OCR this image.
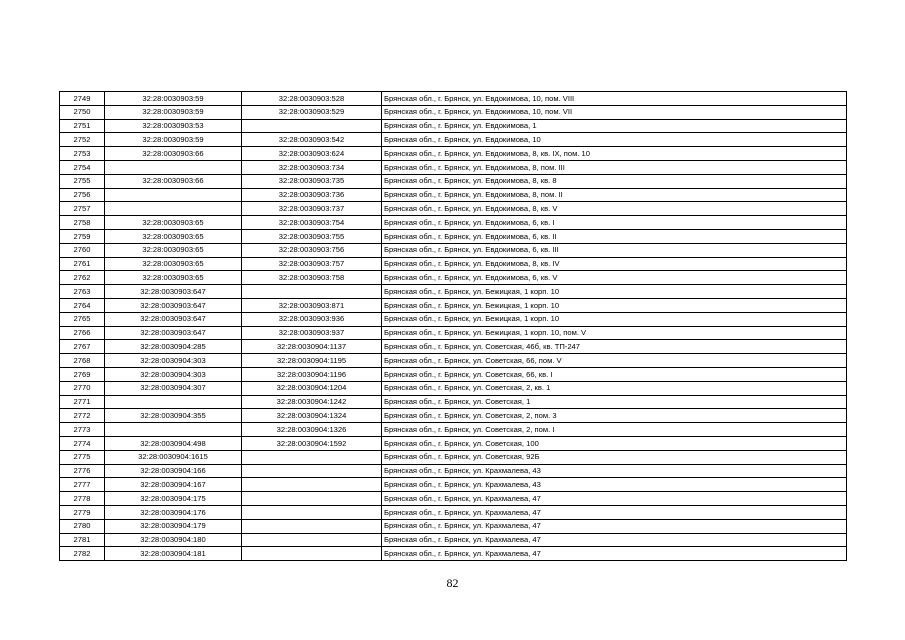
2749	32:28:0030903:59	32:28:0030903:528	Брянская обл., г. Брянск, ул. Евдокимова, 10, пом. VIII
2750	32:28:0030903:59	32:28:0030903:529	Брянская обл., г. Брянск, ул. Евдокимова, 10, пом. VII
2751	32:28:0030903:53		Брянская обл., г. Брянск, ул. Евдокимова, 1
2752	32:28:0030903:59	32:28:0030903:542	Брянская обл., г. Брянск, ул. Евдокимова, 10
2753	32:28:0030903:66	32:28:0030903:624	Брянская обл., г. Брянск, ул. Евдокимова, 8, кв. IX, пом. 10
2754		32:28:0030903:734	Брянская обл., г. Брянск, ул. Евдокимова, 8, пом. III
2755	32:28:0030903:66	32:28:0030903:735	Брянская обл., г. Брянск, ул. Евдокимова, 8, кв. 8
2756		32:28:0030903:736	Брянская обл., г. Брянск, ул. Евдокимова, 8, пом. II
2757		32:28:0030903:737	Брянская обл., г. Брянск, ул. Евдокимова, 8, кв. V
2758	32:28:0030903:65	32:28:0030903:754	Брянская обл., г. Брянск, ул. Евдокимова, 6, кв. I
2759	32:28:0030903:65	32:28:0030903:755	Брянская обл., г. Брянск, ул. Евдокимова, 6, кв. II
2760	32:28:0030903:65	32:28:0030903:756	Брянская обл., г. Брянск, ул. Евдокимова, 6, кв. III
2761	32:28:0030903:65	32:28:0030903:757	Брянская обл., г. Брянск, ул. Евдокимова, 8, кв. IV
2762	32:28:0030903:65	32:28:0030903:758	Брянская обл., г. Брянск, ул. Евдокимова, 6, кв. V
2763	32:28:0030903:647		Брянская обл., г. Брянск, ул. Бежицкая, 1 корп. 10
2764	32:28:0030903:647	32:28:0030903:871	Брянская обл., г. Брянск, ул. Бежицкая, 1 корп. 10
2765	32:28:0030903:647	32:28:0030903:936	Брянская обл., г. Брянск, ул. Бежицкая, 1 корп. 10
2766	32:28:0030903:647	32:28:0030903:937	Брянская обл., г. Брянск, ул. Бежицкая, 1 корп. 10, пом. V
2767	32:28:0030904:285	32:28:0030904:1137	Брянская обл., г. Брянск, ул. Советская, 46б, кв. ТП-247
2768	32:28:0030904:303	32:28:0030904:1195	Брянская обл., г. Брянск, ул. Советская, 66, пом. V
2769	32:28:0030904:303	32:28:0030904:1196	Брянская обл., г. Брянск, ул. Советская, 66, кв. I
2770	32:28:0030904:307	32:28:0030904:1204	Брянская обл., г. Брянск, ул. Советская, 2, кв. 1
2771		32:28:0030904:1242	Брянская обл., г. Брянск, ул. Советская, 1
2772	32:28:0030904:355	32:28:0030904:1324	Брянская обл., г. Брянск, ул. Советская, 2, пом. 3
2773		32:28:0030904:1326	Брянская обл., г. Брянск, ул. Советская, 2, пом. I
2774	32:28:0030904:498	32:28:0030904:1592	Брянская обл., г. Брянск, ул. Советская, 100
2775	32:28:0030904:1615		Брянская обл., г. Брянск, ул. Советская, 92Б
2776	32:28:0030904:166		Брянская обл., г. Брянск, ул. Крахмалева, 43
2777	32:28:0030904:167		Брянская обл., г. Брянск, ул. Крахмалева, 43
2778	32:28:0030904:175		Брянская обл., г. Брянск, ул. Крахмалева, 47
2779	32:28:0030904:176		Брянская обл., г. Брянск, ул. Крахмалева, 47
2780	32:28:0030904:179		Брянская обл., г. Брянск, ул. Крахмалева, 47
2781	32:28:0030904:180		Брянская обл., г. Брянск, ул. Крахмалева, 47
2782	32:28:0030904:181		Брянская обл., г. Брянск, ул. Крахмалева, 47
82
